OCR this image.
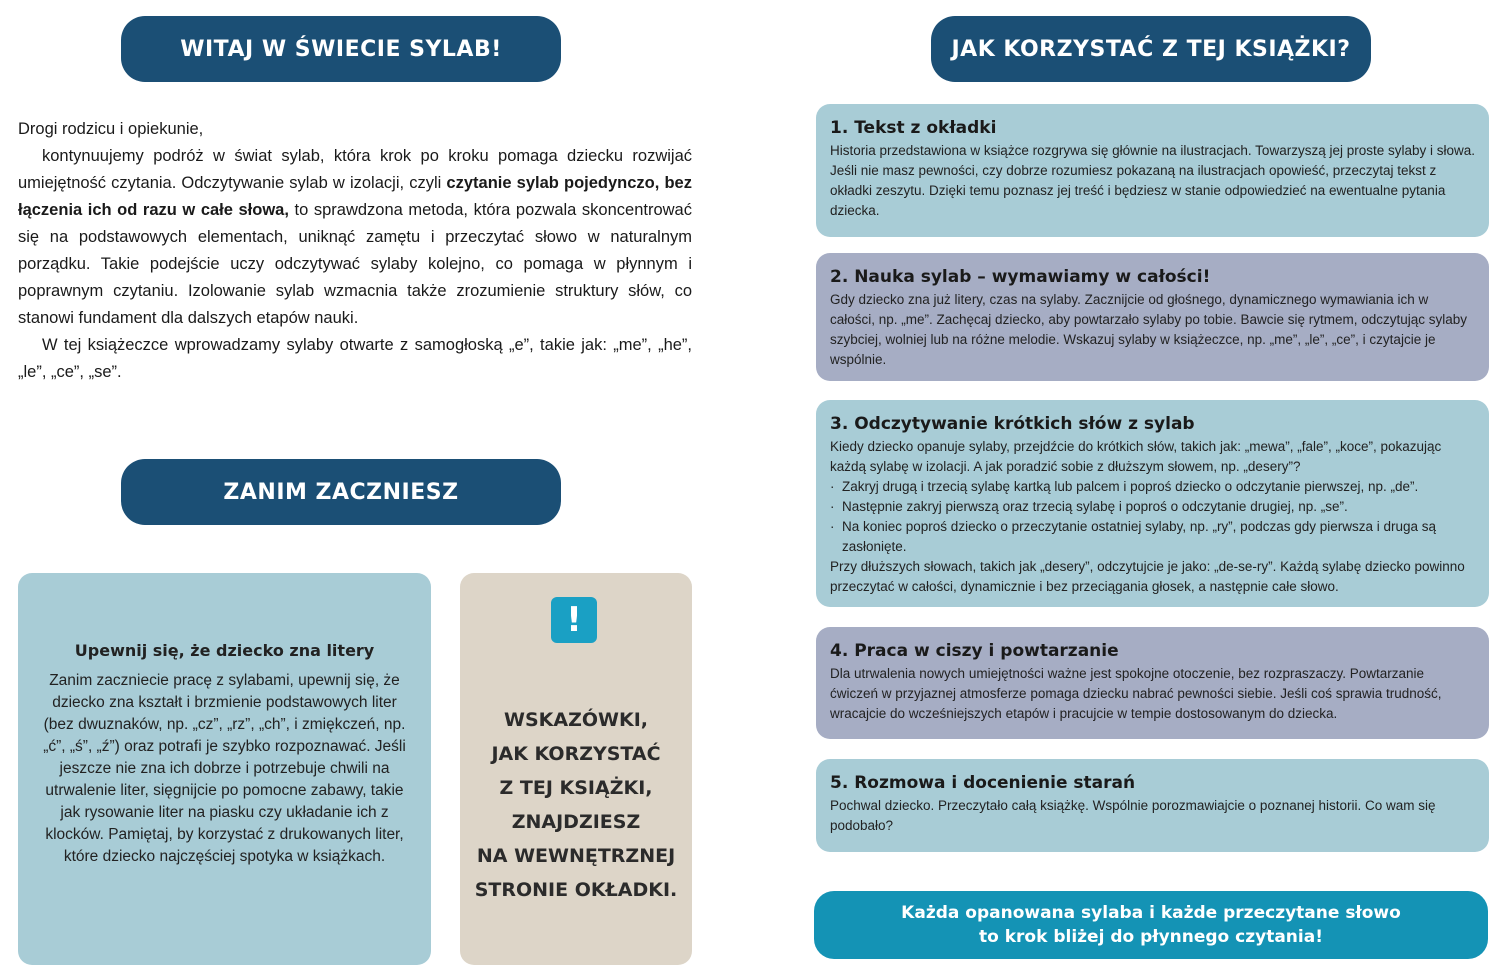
WITAJ W ŚWIECIE SYLAB!

Drogi rodzicu i opiekunie,

kontynuujemy podróż w świat sylab, która krok po kroku pomaga dziecku rozwijać umiejętność czytania. Odczytywanie sylab w izolacji, czyli czytanie sylab pojedynczo, bez łączenia ich od razu w całe słowa, to sprawdzona metoda, która pozwala skoncentrować się na podstawowych elementach, uniknąć zamętu i przeczytać słowo w naturalnym porządku. Takie podejście uczy odczytywać sylaby kolejno, co pomaga w płynnym i poprawnym czytaniu. Izolowanie sylab wzmacnia także zrozumienie struktury słów, co stanowi fundament dla dalszych etapów nauki.

W tej książeczce wprowadzamy sylaby otwarte z samogłoską „e”, takie jak: „me”, „he”, „le”, „ce”, „se”.

ZANIM ZACZNIESZ
Upewnij się, że dziecko zna litery

Zanim zaczniecie pracę z sylabami, upewnij się, że dziecko zna kształt i brzmienie podstawowych liter (bez dwuznaków, np. „cz”, „rz”, „ch”, i zmiękczeń, np. „ć”, „ś”, „ź”) oraz potrafi je szybko rozpoznawać. Jeśli jeszcze nie zna ich dobrze i potrzebuje chwili na utrwalenie liter, sięgnijcie po pomocne zabawy, takie jak rysowanie liter na piasku czy układanie ich z klocków. Pamiętaj, by korzystać z drukowanych liter, które dziecko najczęściej spotyka w książkach.

!
WSKAZÓWKI,
JAK KORZYSTAĆ
Z TEJ KSIĄŻKI,
ZNAJDZIESZ
NA WEWNĘTRZNEJ
STRONIE OKŁADKI.
JAK KORZYSTAĆ Z TEJ KSIĄŻKI?
1. Tekst z okładki

Historia przedstawiona w książce rozgrywa się głównie na ilustracjach. Towarzyszą jej proste sylaby i słowa. Jeśli nie masz pewności, czy dobrze rozumiesz pokazaną na ilustracjach opowieść, przeczytaj tekst z okładki zeszytu. Dzięki temu poznasz jej treść i będziesz w stanie odpowiedzieć na ewentualne pytania dziecka.

2. Nauka sylab – wymawiamy w całości!

Gdy dziecko zna już litery, czas na sylaby. Zacznijcie od głośnego, dynamicznego wymawiania ich w całości, np. „me”. Zachęcaj dziecko, aby powtarzało sylaby po tobie. Bawcie się rytmem, odczytując sylaby szybciej, wolniej lub na różne melodie. Wskazuj sylaby w książeczce, np. „me”, „le”, „ce”, i czytajcie je wspólnie.

3. Odczytywanie krótkich słów z sylab

Kiedy dziecko opanuje sylaby, przejdźcie do krótkich słów, takich jak: „mewa”, „fale”, „koce”, pokazując każdą sylabę w izolacji. A jak poradzić sobie z dłuższym słowem, np. „desery”?

· Zakryj drugą i trzecią sylabę kartką lub palcem i poproś dziecko o odczytanie pierwszej, np. „de”.
· Następnie zakryj pierwszą oraz trzecią sylabę i poproś o odczytanie drugiej, np. „se”.
· Na koniec poproś dziecko o przeczytanie ostatniej sylaby, np. „ry”, podczas gdy pierwsza i druga są zasłonięte.

Przy dłuższych słowach, takich jak „desery”, odczytujcie je jako: „de-se-ry”. Każdą sylabę dziecko powinno przeczytać w całości, dynamicznie i bez przeciągania głosek, a następnie całe słowo.

4. Praca w ciszy i powtarzanie

Dla utrwalenia nowych umiejętności ważne jest spokojne otoczenie, bez rozpraszaczy. Powtarzanie ćwiczeń w przyjaznej atmosferze pomaga dziecku nabrać pewności siebie. Jeśli coś sprawia trudność, wracajcie do wcześniejszych etapów i pracujcie w tempie dostosowanym do dziecka.

5. Rozmowa i docenienie starań

Pochwal dziecko. Przeczytało całą książkę. Wspólnie porozmawiajcie o poznanej historii. Co wam się podobało?

Każda opanowana sylaba i każde przeczytane słowo
to krok bliżej do płynnego czytania!
